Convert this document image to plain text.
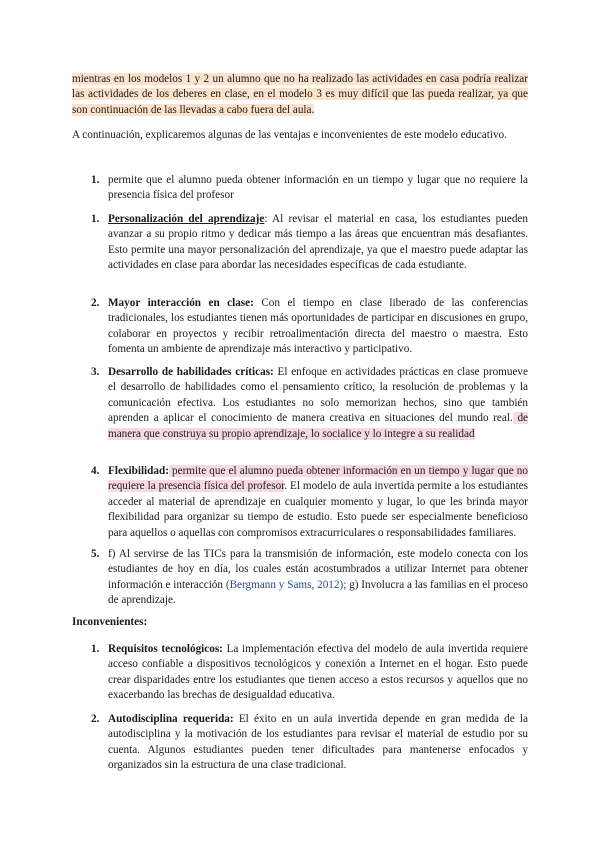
mientras en los modelos 1 y 2 un alumno que no ha realizado las actividades en casa podría realizar las actividades de los deberes en clase, en el modelo 3 es muy difícil que las pueda realizar, ya que son continuación de las llevadas a cabo fuera del aula.
A continuación, explicaremos algunas de las ventajas e inconvenientes de este modelo educativo.
1. permite que el alumno pueda obtener información en un tiempo y lugar que no requiere la presencia física del profesor
1. Personalización del aprendizaje: Al revisar el material en casa, los estudiantes pueden avanzar a su propio ritmo y dedicar más tiempo a las áreas que encuentran más desafiantes. Esto permite una mayor personalización del aprendizaje, ya que el maestro puede adaptar las actividades en clase para abordar las necesidades específicas de cada estudiante.
2. Mayor interacción en clase: Con el tiempo en clase liberado de las conferencias tradicionales, los estudiantes tienen más oportunidades de participar en discusiones en grupo, colaborar en proyectos y recibir retroalimentación directa del maestro o maestra. Esto fomenta un ambiente de aprendizaje más interactivo y participativo.
3. Desarrollo de habilidades críticas: El enfoque en actividades prácticas en clase promueve el desarrollo de habilidades como el pensamiento crítico, la resolución de problemas y la comunicación efectiva. Los estudiantes no solo memorizan hechos, sino que también aprenden a aplicar el conocimiento de manera creativa en situaciones del mundo real. de manera que construya su propio aprendizaje, lo socialice y lo integre a su realidad
4. Flexibilidad: permite que el alumno pueda obtener información en un tiempo y lugar que no requiere la presencia física del profesor. El modelo de aula invertida permite a los estudiantes acceder al material de aprendizaje en cualquier momento y lugar, lo que les brinda mayor flexibilidad para organizar su tiempo de estudio. Esto puede ser especialmente beneficioso para aquellos o aquellas con compromisos extracurriculares o responsabilidades familiares.
5. f) Al servirse de las TICs para la transmisión de información, este modelo conecta con los estudiantes de hoy en día, los cuales están acostumbrados a utilizar Internet para obtener información e interacción (Bergmann y Sams, 2012); g) Involucra a las familias en el proceso de aprendizaje.
Inconvenientes:
1. Requisitos tecnológicos: La implementación efectiva del modelo de aula invertida requiere acceso confiable a dispositivos tecnológicos y conexión a Internet en el hogar. Esto puede crear disparidades entre los estudiantes que tienen acceso a estos recursos y aquellos que no exacerbando las brechas de desigualdad educativa.
2. Autodisciplina requerida: El éxito en un aula invertida depende en gran medida de la autodisciplina y la motivación de los estudiantes para revisar el material de estudio por su cuenta. Algunos estudiantes pueden tener dificultades para mantenerse enfocados y organizados sin la estructura de una clase tradicional.
